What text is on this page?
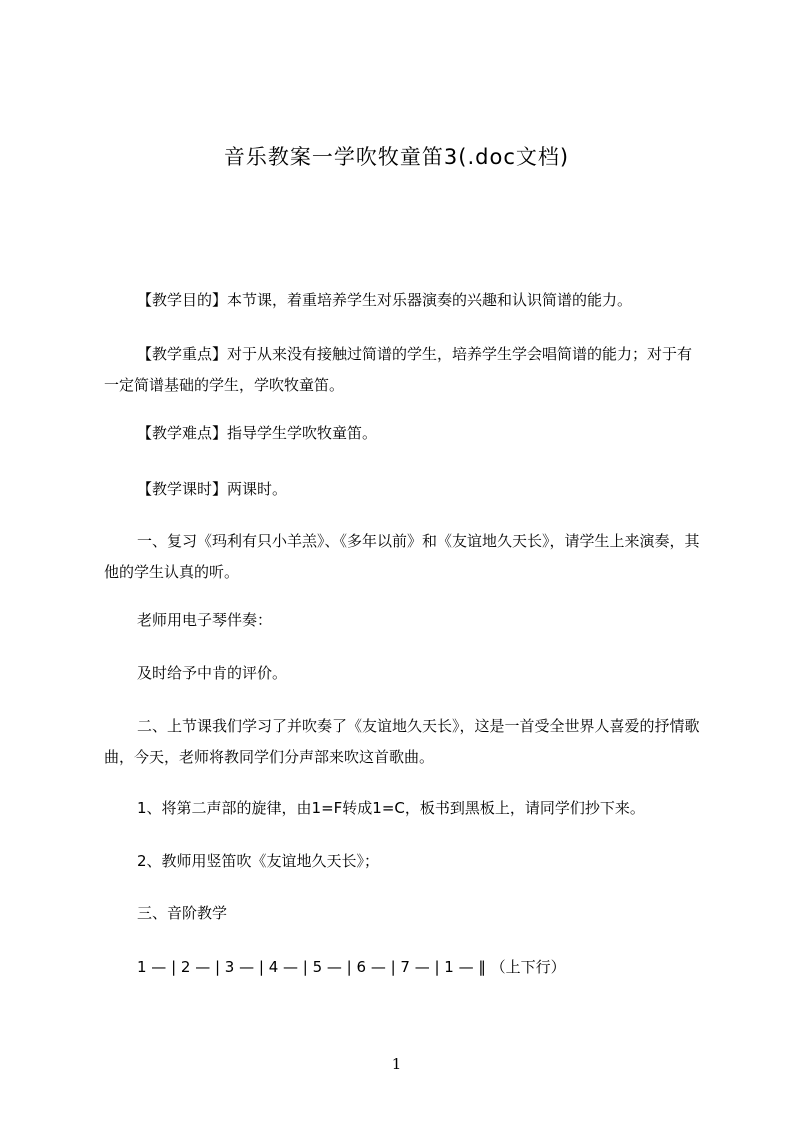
音乐教案一学吹牧童笛3(.doc文档)

【教学目的】本节课，着重培养学生对乐器演奏的兴趣和认识简谱的能力。

【教学重点】对于从来没有接触过简谱的学生，培养学生学会唱简谱的能力；对于有一定简谱基础的学生，学吹牧童笛。

【教学难点】指导学生学吹牧童笛。

【教学课时】两课时。

一、复习《玛利有只小羊羔》、《多年以前》和《友谊地久天长》，请学生上来演奏，其他的学生认真的听。

老师用电子琴伴奏：

及时给予中肯的评价。

二、上节课我们学习了并吹奏了《友谊地久天长》，这是一首受全世界人喜爱的抒情歌曲，今天，老师将教同学们分声部来吹这首歌曲。

1、将第二声部的旋律，由1=F转成1=C，板书到黑板上，请同学们抄下来。

2、教师用竖笛吹《友谊地久天长》；

三、音阶教学

1 — | 2 — | 3 — | 4 — | 5 — | 6 — | 7 — | 1 — ‖ （上下行）

1
